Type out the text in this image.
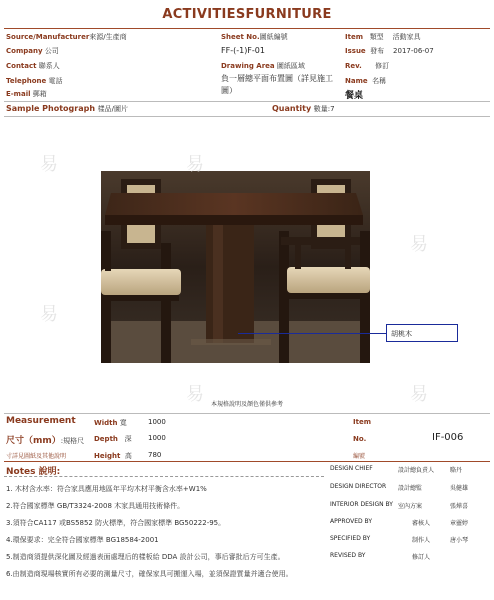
ACTIVITIESFURNITURE
Source/Manufacturer來源/生產商
Company 公司
Contact 聯系人
Telephone 電話
E-mail 郵箱
Sheet No.圖紙編號
FF-(-1)F-01
Drawing Area 圖紙區域
負一層總平面布置圖（詳見施工圖）
Item 類型 活動家具
Issue 發布 2017-06-07
Rev. 修訂
Name 名稱
餐桌
Sample Photograph 樣品/圖片	Quantity 數量:7
胡桃木
本規格說明及顏色僅供參考
Measurement
尺寸（mm）:規格尺
寸詳見圖紙及其他說明
Width 寬	1000
Depth 深 1000
Height 高 780
Item
No.	IF-006
編號
Notes 說明:
1. 木材含水率：符合家具應用地區年平均木材平衡含水率+W1%
2.符合國家標準 GB/T3324-2008 木家具通用技術條件。
3.須符合CA117 或BS5852 防火標準，符合國家標準 BG50222-95。
4.環保要求：完全符合國家標準 BG18584-2001
5.制造商須提供深化圖及經過表面處理后的樣板給 DDA 設計公司，事后審批后方可生產。
6.由制造商現場核實所有必要的測量尺寸，確保家具可搬運入場，並須保證質量并適合使用。
DESIGN CHIEF	設計總負責人	駱丹
DESIGN DIRECTOR 設計總監	吳健雄
INTERIOR DESIGN BY 室內方案	張燁喜
APPROVED BY	審核人	章靈婷
SPECIFIED BY	制作人	唐小琴
REVISED BY	修訂人
易	易
易
易
易
易
